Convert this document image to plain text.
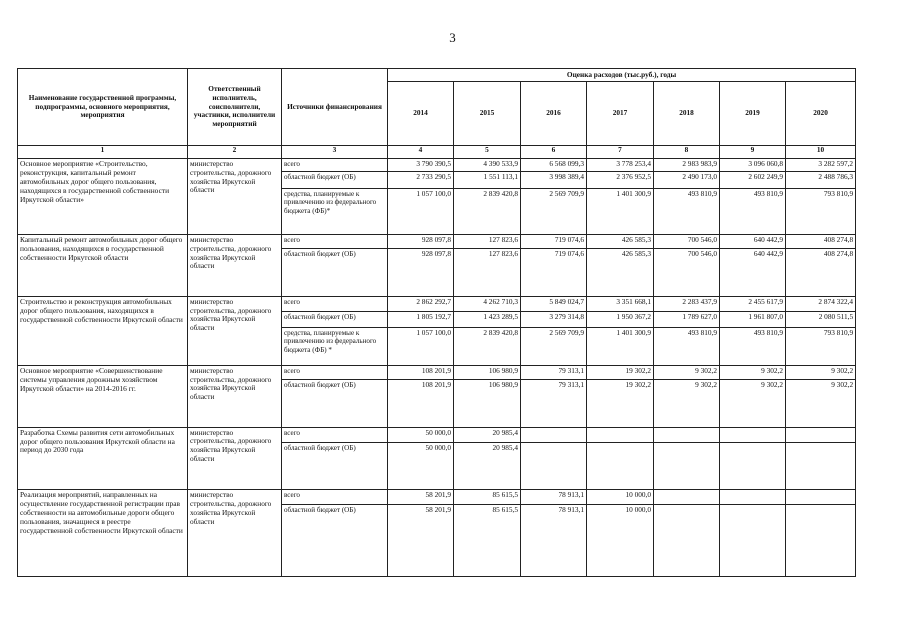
3
Наименование государственной программы, подпрограммы, основного мероприятия, мероприятия	Ответственный исполнитель, соисполнители, участники, исполнители мероприятий	Источники финансирования	Оценка расходов (тыс.руб.), годы						
			2014	2015	2016	2017	2018	2019	2020
1	2	3	4	5	6	7	8	9	10
Основное мероприятие «Строительство, реконструкция, капитальный ремонт автомобильных дорог общего пользования, находящихся в государственной собственности Иркутской области»	министерство строительства, дорожного хозяйства Иркутской области	всего	3 790 390,5	4 390 533,9	6 568 099,3	3 778 253,4	2 983 983,9	3 096 060,8	3 282 597,2
		областной бюджет (ОБ)	2 733 290,5	1 551 113,1	3 998 389,4	2 376 952,5	2 490 173,0	2 602 249,9	2 488 786,3
		средства, планируемые к привлечению из федерального бюджета (ФБ)*	1 057 100,0	2 839 420,8	2 569 709,9	1 401 300,9	493 810,9	493 810,9	793 810,9
Капитальный ремонт автомобильных дорог общего пользования, находящихся в государственной собственности Иркутской области	министерство строительства, дорожного хозяйства Иркутской области	всего	928 097,8	127 823,6	719 074,6	426 585,3	700 546,0	640 442,9	408 274,8
		областной бюджет (ОБ)	928 097,8	127 823,6	719 074,6	426 585,3	700 546,0	640 442,9	408 274,8
Строительство и реконструкция автомобильных дорог общего пользования, находящихся в государственной собственности Иркутской области	министерство строительства, дорожного хозяйства Иркутской области	всего	2 862 292,7	4 262 710,3	5 849 024,7	3 351 668,1	2 283 437,9	2 455 617,9	2 874 322,4
		областной бюджет (ОБ)	1 805 192,7	1 423 289,5	3 279 314,8	1 950 367,2	1 789 627,0	1 961 807,0	2 080 511,5
		средства, планируемые к привлечению из федерального бюджета (ФБ) *	1 057 100,0	2 839 420,8	2 569 709,9	1 401 300,9	493 810,9	493 810,9	793 810,9
Основное мероприятие «Совершенствование системы управления дорожным хозяйством Иркутской области» на 2014-2016 гг.	министерство строительства, дорожного хозяйства Иркутской области	всего	108 201,9	106 980,9	79 313,1	19 302,2	9 302,2	9 302,2	9 302,2
		областной бюджет (ОБ)	108 201,9	106 980,9	79 313,1	19 302,2	9 302,2	9 302,2	9 302,2
Разработка Схемы развития сети автомобильных дорог общего пользования Иркутской области на период до 2030 года	министерство строительства, дорожного хозяйства Иркутской области	всего	50 000,0	20 985,4					
		областной бюджет (ОБ)	50 000,0	20 985,4					
Реализация мероприятий, направленных на осуществление государственной регистрации прав собственности на автомобильные дороги общего пользования, значащиеся в реестре государственной собственности Иркутской области	министерство строительства, дорожного хозяйства Иркутской области	всего	58 201,9	85 615,5	78 913,1	10 000,0			
		областной бюджет (ОБ)	58 201,9	85 615,5	78 913,1	10 000,0			
